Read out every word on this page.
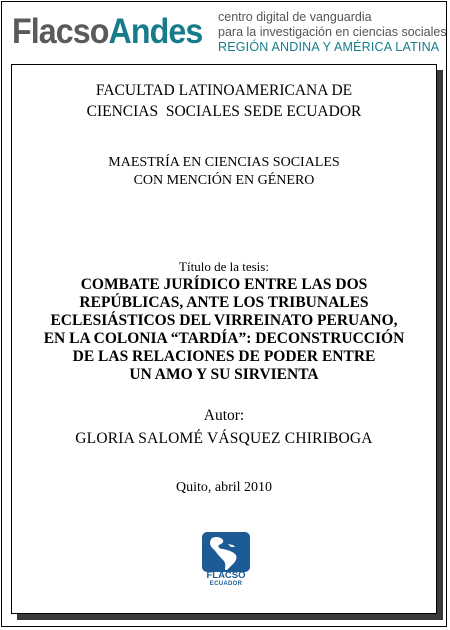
FlacsoAndes centro digital de vanguardia
para la investigación en ciencias sociales
REGIÓN ANDINA Y AMÉRICA LATINA
FACULTAD LATINOAMERICANA DE
CIENCIAS  SOCIALES SEDE ECUADOR
MAESTRÍA EN CIENCIAS SOCIALES
CON MENCIÓN EN GÉNERO
Título de la tesis:
COMBATE JURÍDICO ENTRE LAS DOS
REPÚBLICAS, ANTE LOS TRIBUNALES
ECLESIÁSTICOS DEL VIRREINATO PERUANO,
EN LA COLONIA “TARDÍA”: DECONSTRUCCIÓN
DE LAS RELACIONES DE PODER ENTRE
UN AMO Y SU SIRVIENTA
Autor:
GLORIA SALOMÉ VÁSQUEZ CHIRIBOGA
Quito, abril 2010
FLACSO
ECUADOR
